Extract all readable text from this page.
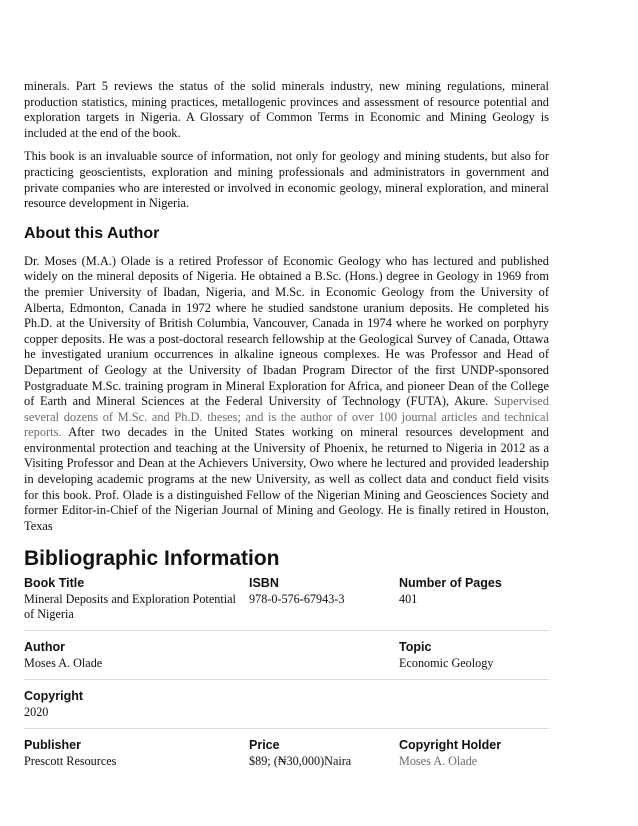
minerals. Part 5 reviews the status of the solid minerals industry, new mining regulations, mineral production statistics, mining practices, metallogenic provinces and assessment of resource potential and exploration targets in Nigeria. A Glossary of Common Terms in Economic and Mining Geology is included at the end of the book.

This book is an invaluable source of information, not only for geology and mining students, but also for practicing geoscientists, exploration and mining professionals and administrators in government and private companies who are interested or involved in economic geology, mineral exploration, and mineral resource development in Nigeria.

About this Author

Dr. Moses (M.A.) Olade is a retired Professor of Economic Geology who has lectured and published widely on the mineral deposits of Nigeria. He obtained a B.Sc. (Hons.) degree in Geology in 1969 from the premier University of Ibadan, Nigeria, and M.Sc. in Economic Geology from the University of Alberta, Edmonton, Canada in 1972 where he studied sandstone uranium deposits. He completed his Ph.D. at the University of British Columbia, Vancouver, Canada in 1974 where he worked on porphyry copper deposits. He was a post-doctoral research fellowship at the Geological Survey of Canada, Ottawa he investigated uranium occurrences in alkaline igneous complexes. He was Professor and Head of Department of Geology at the University of Ibadan Program Director of the first UNDP-sponsored Postgraduate M.Sc. training program in Mineral Exploration for Africa, and pioneer Dean of the College of Earth and Mineral Sciences at the Federal University of Technology (FUTA), Akure. Supervised several dozens of M.Sc. and Ph.D. theses; and is the author of over 100 journal articles and technical reports. After two decades in the United States working on mineral resources development and environmental protection and teaching at the University of Phoenix, he returned to Nigeria in 2012 as a Visiting Professor and Dean at the Achievers University, Owo where he lectured and provided leadership in developing academic programs at the new University, as well as collect data and conduct field visits for this book. Prof. Olade is a distinguished Fellow of the Nigerian Mining and Geosciences Society and former Editor-in-Chief of the Nigerian Journal of Mining and Geology. He is finally retired in Houston, Texas

Bibliographic Information
Book Title
Mineral Deposits and Exploration Potential of Nigeria
ISBN
978-0-576-67943-3
Number of Pages
401
Author
Moses A. Olade
Topic
Economic Geology
Copyright
2020
Publisher
Prescott Resources
Price
$89; (₦30,000)Naira
Copyright Holder
Moses A. Olade
